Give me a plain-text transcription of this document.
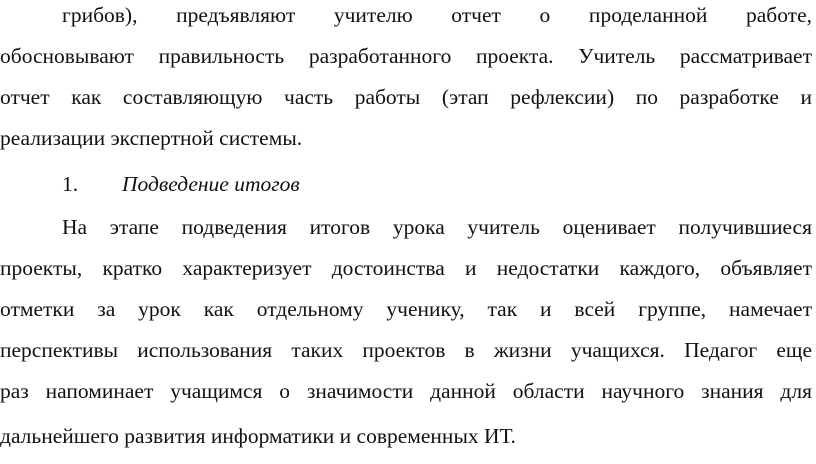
грибов), предъявляют учителю отчет о проделанной работе,
обосновывают правильность разработанного проекта. Учитель рассматривает
отчет как составляющую часть работы (этап рефлексии) по разработке и
реализации экспертной системы.
1. Подведение итогов
На этапе подведения итогов урока учитель оценивает получившиеся
проекты, кратко характеризует достоинства и недостатки каждого, объявляет
отметки за урок как отдельному ученику, так и всей группе, намечает
перспективы использования таких проектов в жизни учащихся. Педагог еще
раз напоминает учащимся о значимости данной области научного знания для
дальнейшего развития информатики и современных ИТ.
